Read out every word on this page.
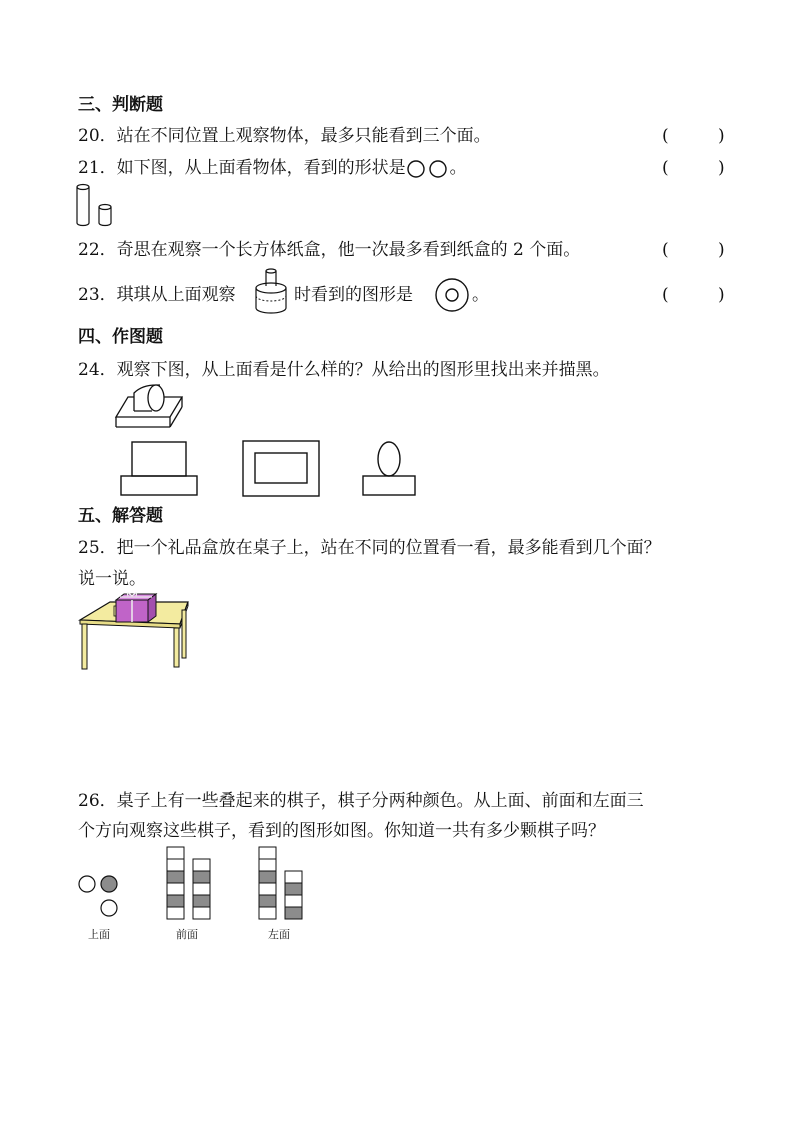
三、判断题
20．站在不同位置上观察物体，最多只能看到三个面。	(	)
21．如下图，从上面看物体，看到的形状是	。	(	)
22．奇思在观察一个长方体纸盒，他一次最多看到纸盒的 2 个面。	(	)
23．琪琪从上面观察	时看到的图形是	。	(	)
四、作图题
24．观察下图，从上面看是什么样的？从给出的图形里找出来并描黑。
五、解答题
25．把一个礼品盒放在桌子上，站在不同的位置看一看，最多能看到几个面？
说一说。
26．桌子上有一些叠起来的棋子，棋子分两种颜色。从上面、前面和左面三
个方向观察这些棋子，看到的图形如图。你知道一共有多少颗棋子吗？
上面	前面	左面
